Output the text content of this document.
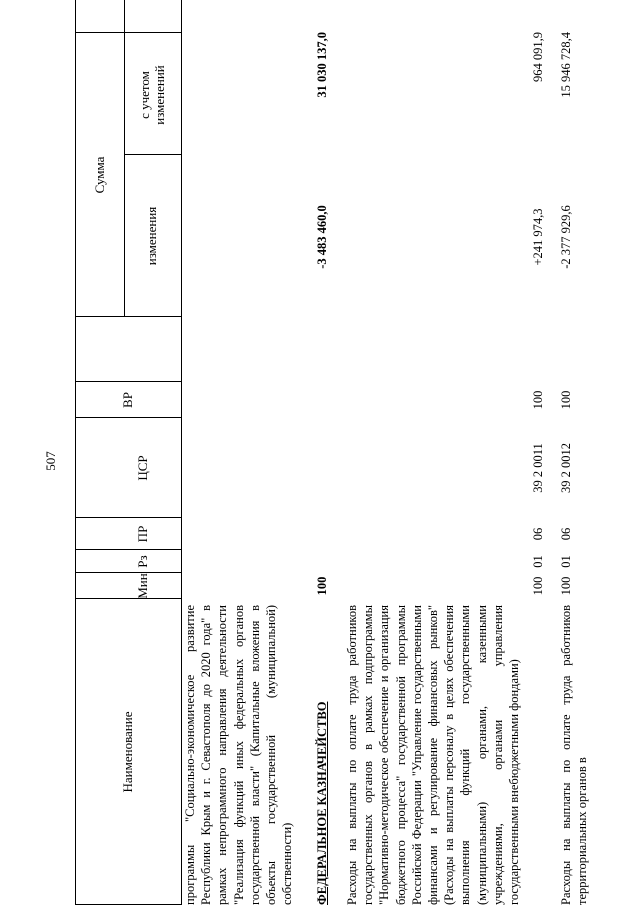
507
Наименование
Мин
Рз
ПР
ЦСР
ВР
Сумма
изменения
с учетом изменений
программы "Социально-экономическое развитие Республики Крым и г. Севастополя до 2020 года" в рамках непрограммного направления деятельности "Реализация функций иных федеральных органов государственной власти" (Капитальные вложения в объекты государственной (муниципальной) собственности)	ФЕДЕРАЛЬНОЕ КАЗНАЧЕЙСТВО
100
-3 483 460,0
31 030 137,0
Расходы на выплаты по оплате труда работников государственных органов в рамках подпрограммы "Нормативно-методическое обеспечение и организация бюджетного процесса" государственной программы Российской Федерации "Управление государственными финансами и регулирование финансовых рынков" (Расходы на выплаты персоналу в целях обеспечения выполнения функций государственными (муниципальными) органами, казенными учреждениями, органами управления государственными внебюджетными фондами)
100
01
06
39 2 0011
100
+241 974,3
964 091,9
Расходы на выплаты по оплате труда работников территориальных органов в
100
01
06
39 2 0012
100
-2 377 929,6
15 946 728,4
